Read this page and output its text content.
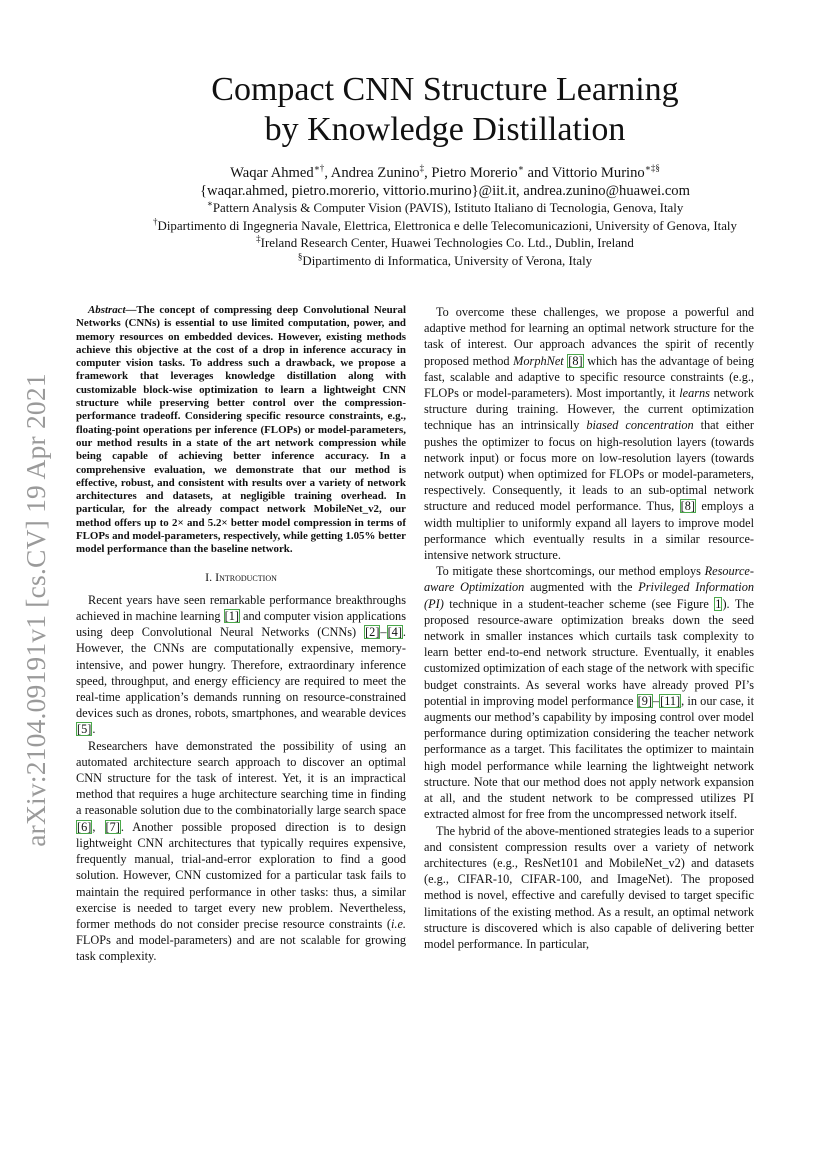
arXiv:2104.09191v1 [cs.CV] 19 Apr 2021
Compact CNN Structure Learning
by Knowledge Distillation
Waqar Ahmed∗†, Andrea Zunino‡, Pietro Morerio∗ and Vittorio Murino∗‡§
{waqar.ahmed, pietro.morerio, vittorio.murino}@iit.it, andrea.zunino@huawei.com
∗Pattern Analysis & Computer Vision (PAVIS), Istituto Italiano di Tecnologia, Genova, Italy
†Dipartimento di Ingegneria Navale, Elettrica, Elettronica e delle Telecomunicazioni, University of Genova, Italy
‡Ireland Research Center, Huawei Technologies Co. Ltd., Dublin, Ireland
§Dipartimento di Informatica, University of Verona, Italy

Abstract—The concept of compressing deep Convolutional Neural Networks (CNNs) is essential to use limited computation, power, and memory resources on embedded devices. However, existing methods achieve this objective at the cost of a drop in inference accuracy in computer vision tasks. To address such a drawback, we propose a framework that leverages knowledge distillation along with customizable block-wise optimization to learn a lightweight CNN structure while preserving better control over the compression-performance tradeoff. Considering specific resource constraints, e.g., floating-point operations per inference (FLOPs) or model-parameters, our method results in a state of the art network compression while being capable of achieving better inference accuracy. In a comprehensive evaluation, we demonstrate that our method is effective, robust, and consistent with results over a variety of network architectures and datasets, at negligible training overhead. In particular, for the already compact network MobileNet_v2, our method offers up to 2× and 5.2× better model compression in terms of FLOPs and model-parameters, respectively, while getting 1.05% better model performance than the baseline network.

I. Introduction

Recent years have seen remarkable performance breakthroughs achieved in machine learning [1] and computer vision applications using deep Convolutional Neural Networks (CNNs) [2]–[4]. However, the CNNs are computationally expensive, memory-intensive, and power hungry. Therefore, extraordinary inference speed, throughput, and energy efficiency are required to meet the real-time application’s demands running on resource-constrained devices such as drones, robots, smartphones, and wearable devices [5].

Researchers have demonstrated the possibility of using an automated architecture search approach to discover an optimal CNN structure for the task of interest. Yet, it is an impractical method that requires a huge architecture searching time in finding a reasonable solution due to the combinatorially large search space [6], [7]. Another possible proposed direction is to design lightweight CNN architectures that typically requires expensive, frequently manual, trial-and-error exploration to find a good solution. However, CNN customized for a particular task fails to maintain the required performance in other tasks: thus, a similar exercise is needed to target every new problem. Nevertheless, former methods do not consider precise resource constraints (i.e. FLOPs and model-parameters) and are not scalable for growing task complexity.

To overcome these challenges, we propose a powerful and adaptive method for learning an optimal network structure for the task of interest. Our approach advances the spirit of recently proposed method MorphNet [8] which has the advantage of being fast, scalable and adaptive to specific resource constraints (e.g., FLOPs or model-parameters). Most importantly, it learns network structure during training. However, the current optimization technique has an intrinsically biased concentration that either pushes the optimizer to focus on high-resolution layers (towards network input) or focus more on low-resolution layers (towards network output) when optimized for FLOPs or model-parameters, respectively. Consequently, it leads to an sub-optimal network structure and reduced model performance. Thus, [8] employs a width multiplier to uniformly expand all layers to improve model performance which eventually results in a similar resource-intensive network structure.

To mitigate these shortcomings, our method employs Resource-aware Optimization augmented with the Privileged Information (PI) technique in a student-teacher scheme (see Figure 1). The proposed resource-aware optimization breaks down the seed network in smaller instances which curtails task complexity to learn better end-to-end network structure. Eventually, it enables customized optimization of each stage of the network with specific budget constraints. As several works have already proved PI’s potential in improving model performance [9]–[11], in our case, it augments our method’s capability by imposing control over model performance during optimization considering the teacher network performance as a target. This facilitates the optimizer to maintain high model performance while learning the lightweight network structure. Note that our method does not apply network expansion at all, and the student network to be compressed utilizes PI extracted almost for free from the uncompressed network itself.

The hybrid of the above-mentioned strategies leads to a superior and consistent compression results over a variety of network architectures (e.g., ResNet101 and MobileNet_v2) and datasets (e.g., CIFAR-10, CIFAR-100, and ImageNet). The proposed method is novel, effective and carefully devised to target specific limitations of the existing method. As a result, an optimal network structure is discovered which is also capable of delivering better model performance. In particular,
